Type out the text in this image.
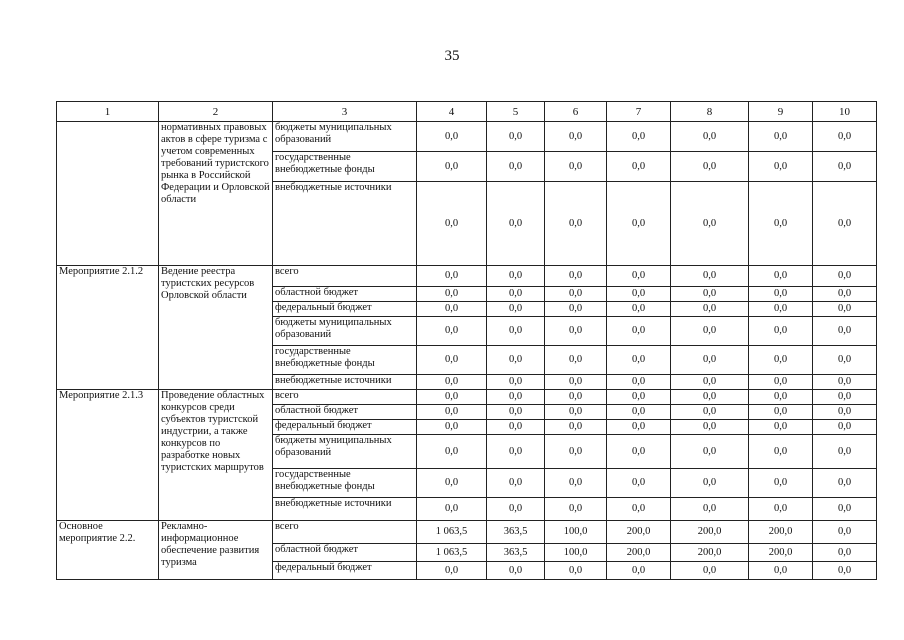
35
1	2	3	4	5	6	7	8	9	10
	нормативных правовых актов в сфере туризма с учетом современных требований туристского рынка в Российской Федерации и Орловской области	бюджеты муниципальных образований	0,0	0,0	0,0	0,0	0,0	0,0	0,0
		государственные внебюджетные фонды	0,0	0,0	0,0	0,0	0,0	0,0	0,0
		внебюджетные источники	0,0	0,0	0,0	0,0	0,0	0,0	0,0
Мероприятие 2.1.2	Ведение реестра туристских ресурсов Орловской области	всего	0,0	0,0	0,0	0,0	0,0	0,0	0,0
		областной бюджет	0,0	0,0	0,0	0,0	0,0	0,0	0,0
		федеральный бюджет	0,0	0,0	0,0	0,0	0,0	0,0	0,0
		бюджеты муниципальных образований	0,0	0,0	0,0	0,0	0,0	0,0	0,0
		государственные внебюджетные фонды	0,0	0,0	0,0	0,0	0,0	0,0	0,0
		внебюджетные источники	0,0	0,0	0,0	0,0	0,0	0,0	0,0
Мероприятие 2.1.3	Проведение областных конкурсов среди субъектов туристской индустрии, а также конкурсов по разработке новых туристских маршрутов	всего	0,0	0,0	0,0	0,0	0,0	0,0	0,0
		областной бюджет	0,0	0,0	0,0	0,0	0,0	0,0	0,0
		федеральный бюджет	0,0	0,0	0,0	0,0	0,0	0,0	0,0
		бюджеты муниципальных образований	0,0	0,0	0,0	0,0	0,0	0,0	0,0
		государственные внебюджетные фонды	0,0	0,0	0,0	0,0	0,0	0,0	0,0
		внебюджетные источники	0,0	0,0	0,0	0,0	0,0	0,0	0,0
Основное мероприятие 2.2.	Рекламно-информационное обеспечение развития туризма	всего	1 063,5	363,5	100,0	200,0	200,0	200,0	0,0
		областной бюджет	1 063,5	363,5	100,0	200,0	200,0	200,0	0,0
		федеральный бюджет	0,0	0,0	0,0	0,0	0,0	0,0	0,0
